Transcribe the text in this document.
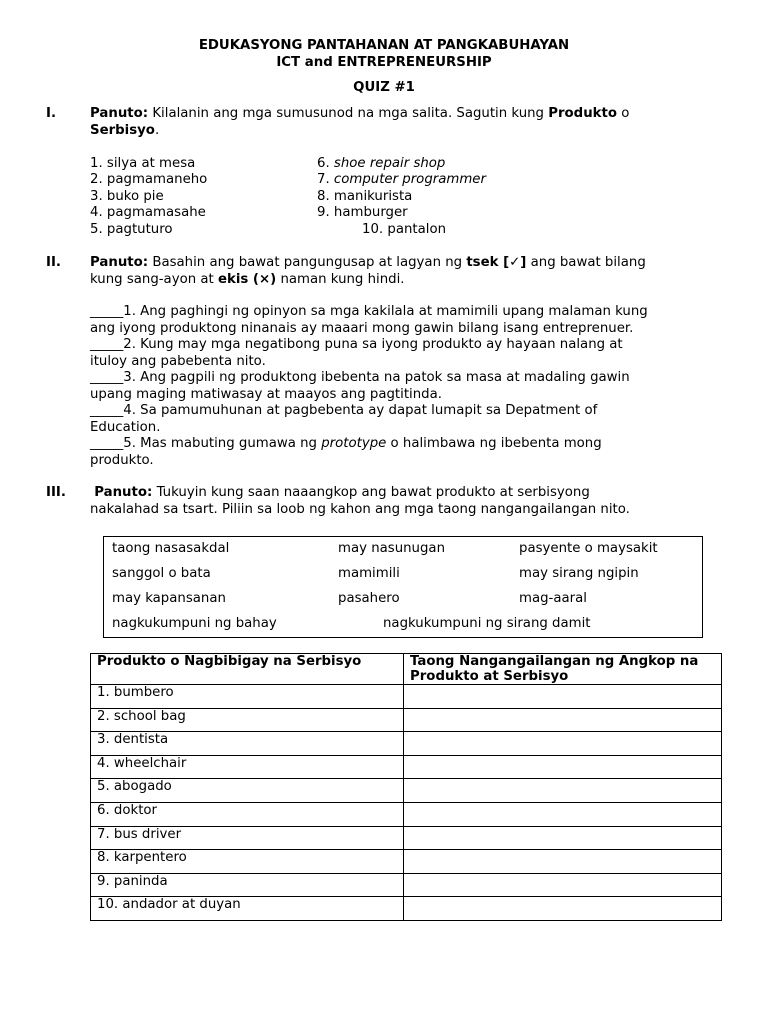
EDUKASYONG PANTAHANAN AT PANGKABUHAYAN
ICT and ENTREPRENEURSHIP
QUIZ #1
I.	Panuto: Kilalanin ang mga sumusunod na mga salita. Sagutin kung Produkto o
Serbisyo.
1. silya at mesa
2. pagmamaneho
3. buko pie
4. pagmamasahe
5. pagtuturo
6. shoe repair shop
7. computer programmer
8. manikurista
9. hamburger
10. pantalon
II. Panuto: Basahin ang bawat pangungusap at lagyan ng tsek [✓] ang bawat bilang
kung sang-ayon at ekis (×) naman kung hindi.
_____1. Ang paghingi ng opinyon sa mga kakilala at mamimili upang malaman kung
ang iyong produktong ninanais ay maaari mong gawin bilang isang entreprenuer.
_____2. Kung may mga negatibong puna sa iyong produkto ay hayaan nalang at
ituloy ang pabebenta nito.
_____3. Ang pagpili ng produktong ibebenta na patok sa masa at madaling gawin
upang maging matiwasay at maayos ang pagtitinda.
_____4. Sa pamumuhunan at pagbebenta ay dapat lumapit sa Depatment of
Education.
_____5. Mas mabuting gumawa ng prototype o halimbawa ng ibebenta mong
produkto.
III.	Panuto: Tukuyin kung saan naaangkop ang bawat produkto at serbisyong
nakalahad sa tsart. Piliin sa loob ng kahon ang mga taong nangangailangan nito.
taong nasasakdal	may nasunugan	pasyente o maysakit
sanggol o bata	mamimili	may sirang ngipin
may kapansanan	pasahero	mag-aaral
nagkukumpuni ng bahay	nagkukumpuni ng sirang damit
Produkto o Nagbibigay na Serbisyo	Taong Nangangailangan ng Angkop na Produkto at Serbisyo
1. bumbero	
2. school bag	
3. dentista	
4. wheelchair	
5. abogado	
6. doktor	
7. bus driver	
8. karpentero	
9. paninda	
10. andador at duyan	
